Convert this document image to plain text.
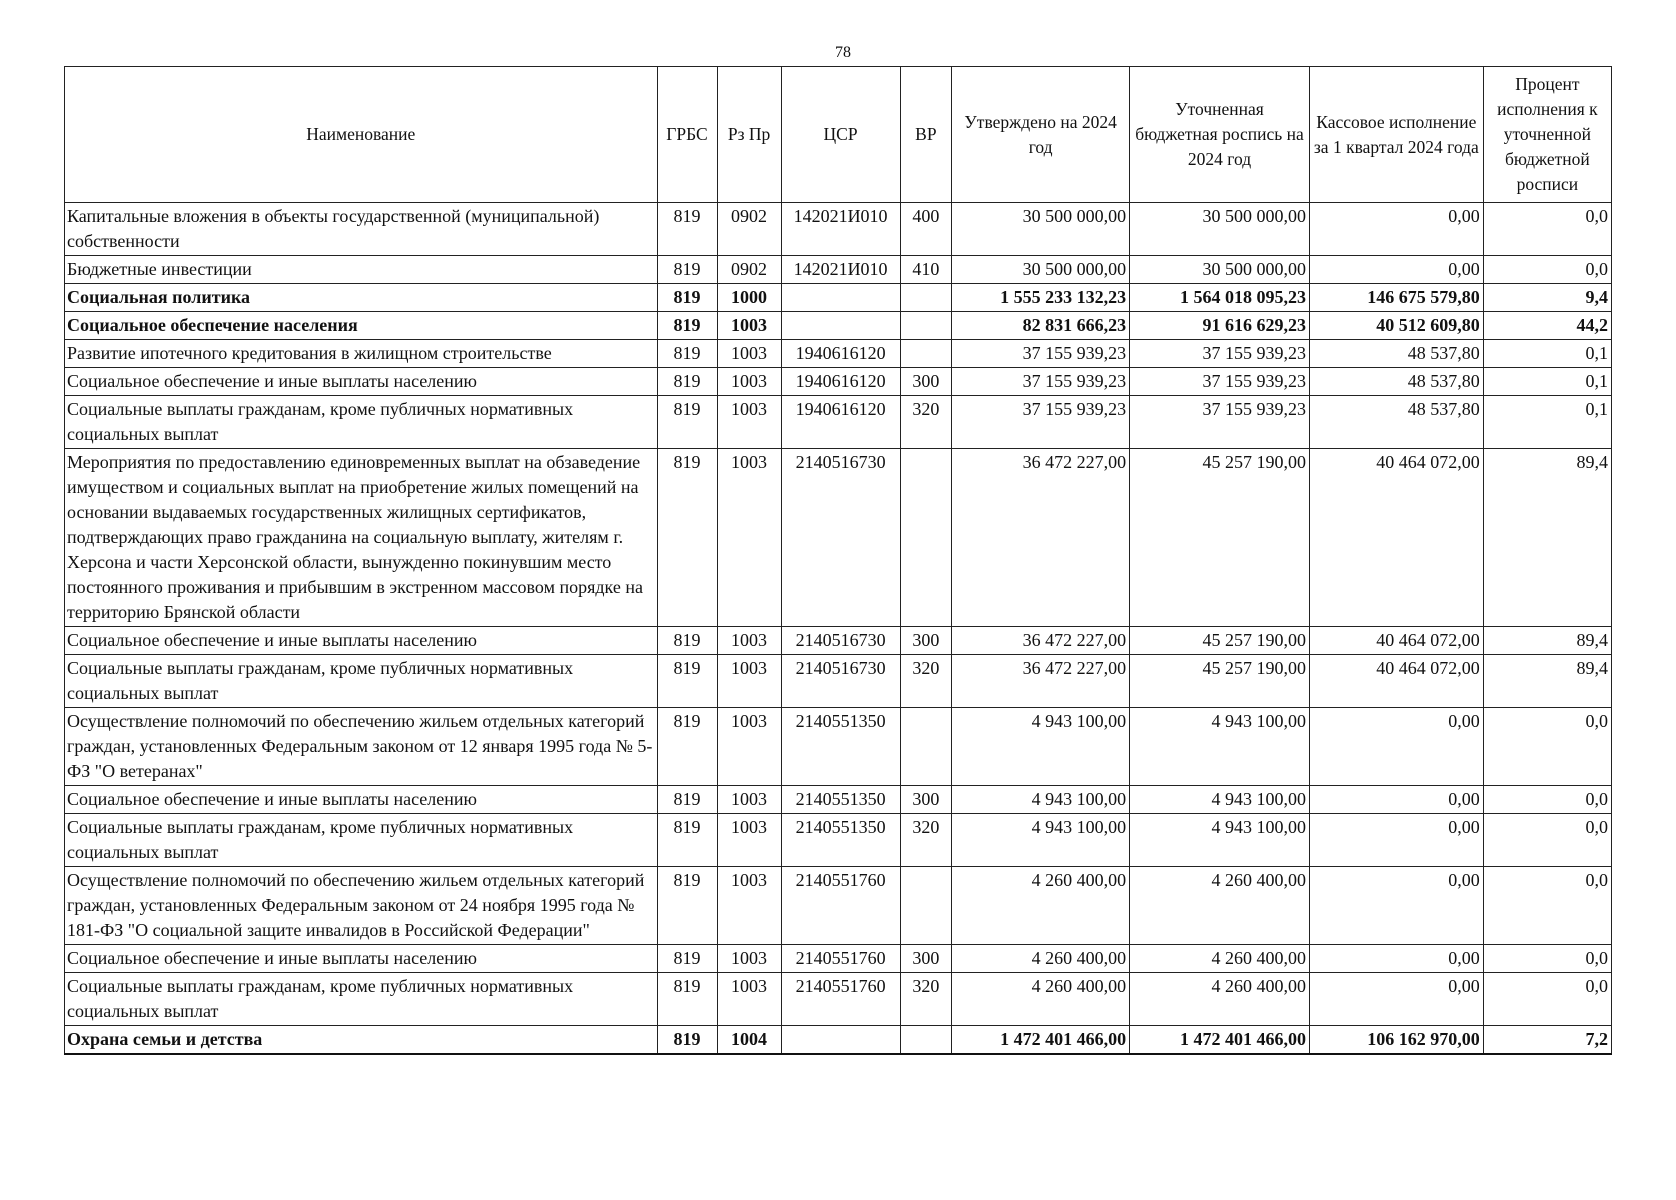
78
Наименование	ГРБС	Рз Пр	ЦСР	ВР	Утверждено на 2024 год	Уточненная бюджетная роспись на 2024 год	Кассовое исполнение за 1 квартал 2024 года	Процент исполнения к уточненной бюджетной росписи
Капитальные вложения в объекты государственной (муниципальной) собственности	819	0902	142021И010	400	30 500 000,00	30 500 000,00	0,00	0,0
Бюджетные инвестиции	819	0902	142021И010	410	30 500 000,00	30 500 000,00	0,00	0,0
Социальная политика	819	1000			1 555 233 132,23	1 564 018 095,23	146 675 579,80	9,4
Социальное обеспечение населения	819	1003			82 831 666,23	91 616 629,23	40 512 609,80	44,2
Развитие ипотечного кредитования в жилищном строительстве	819	1003	1940616120		37 155 939,23	37 155 939,23	48 537,80	0,1
Социальное обеспечение и иные выплаты населению	819	1003	1940616120	300	37 155 939,23	37 155 939,23	48 537,80	0,1
Социальные выплаты гражданам, кроме публичных нормативных социальных выплат	819	1003	1940616120	320	37 155 939,23	37 155 939,23	48 537,80	0,1
Мероприятия по предоставлению единовременных выплат на обзаведение имуществом и социальных выплат на приобретение жилых помещений на основании выдаваемых государственных жилищных сертификатов, подтверждающих право гражданина на социальную выплату, жителям г. Херсона и части Херсонской области, вынужденно покинувшим место постоянного проживания и прибывшим в экстренном массовом порядке на территорию Брянской области	819	1003	2140516730		36 472 227,00	45 257 190,00	40 464 072,00	89,4
Социальное обеспечение и иные выплаты населению	819	1003	2140516730	300	36 472 227,00	45 257 190,00	40 464 072,00	89,4
Социальные выплаты гражданам, кроме публичных нормативных социальных выплат	819	1003	2140516730	320	36 472 227,00	45 257 190,00	40 464 072,00	89,4
Осуществление полномочий по обеспечению жильем отдельных категорий граждан, установленных Федеральным законом от 12 января 1995 года № 5-ФЗ "О ветеранах"	819	1003	2140551350		4 943 100,00	4 943 100,00	0,00	0,0
Социальное обеспечение и иные выплаты населению	819	1003	2140551350	300	4 943 100,00	4 943 100,00	0,00	0,0
Социальные выплаты гражданам, кроме публичных нормативных социальных выплат	819	1003	2140551350	320	4 943 100,00	4 943 100,00	0,00	0,0
Осуществление полномочий по обеспечению жильем отдельных категорий граждан, установленных Федеральным законом от 24 ноября 1995 года № 181-ФЗ "О социальной защите инвалидов в Российской Федерации"	819	1003	2140551760		4 260 400,00	4 260 400,00	0,00	0,0
Социальное обеспечение и иные выплаты населению	819	1003	2140551760	300	4 260 400,00	4 260 400,00	0,00	0,0
Социальные выплаты гражданам, кроме публичных нормативных социальных выплат	819	1003	2140551760	320	4 260 400,00	4 260 400,00	0,00	0,0
Охрана семьи и детства	819	1004			1 472 401 466,00	1 472 401 466,00	106 162 970,00	7,2
